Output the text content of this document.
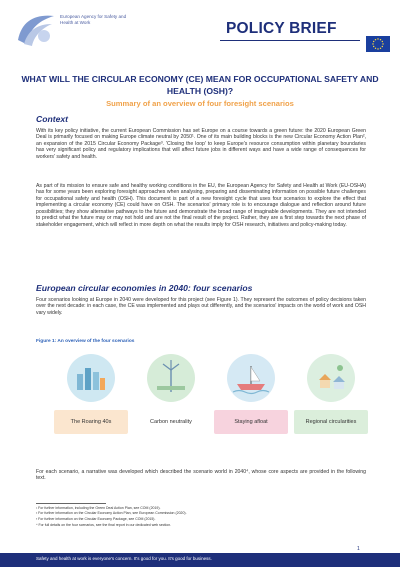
European Agency for Safety and Health at Work	POLICY BRIEF
WHAT WILL THE CIRCULAR ECONOMY (CE) MEAN FOR OCCUPATIONAL SAFETY AND HEALTH (OSH)?
Summary of an overview of four foresight scenarios
Context
With its key policy initiative, the current European Commission has set Europe on a course towards a green future: the 2020 European Green Deal is primarily focused on making Europe climate neutral by 2050¹. One of its main building blocks is the new Circular Economy Action Plan², an expansion of the 2015 Circular Economy Package³. 'Closing the loop' to keep Europe's resource consumption within planetary boundaries has very significant policy and regulatory implications that will affect future jobs in different ways and have a wide range of consequences for workers' safety and health.
As part of its mission to ensure safe and healthy working conditions in the EU, the European Agency for Safety and Health at Work (EU-OSHA) has for some years been exploring foresight approaches when analysing, preparing and disseminating information on possible future challenges for occupational safety and health (OSH). This document is part of a new foresight cycle that uses four scenarios to explore the effect that implementing a circular economy (CE) could have on OSH. The scenarios' primary role is to encourage dialogue and reflection around future possibilities; they show alternative pathways to the future and demonstrate the broad range of imaginable developments. They are not intended to predict what the future may or may not hold and are not the final result of the project. Rather, they are a first step towards the next phase of stakeholder engagement, which will reflect in more depth on what the results imply for OSH research, initiatives and policy-making today.
European circular economies in 2040: four scenarios
Four scenarios looking at Europe in 2040 were developed for this project (see Figure 1). They represent the outcomes of policy decisions taken over the next decade: in each case, the CE was implemented and plays out differently, and the scenarios' impacts on the world of work and OSH vary widely.
Figure 1: An overview of the four scenarios
The Roaring 40s	Carbon neutrality	Staying afloat	Regional circularities
For each scenario, a narrative was developed which described the scenario world in 2040⁴, whose core aspects are provided in the following text.
¹ For further information, including the Green Deal Action Plan, see COM (2019).
² For further information on the Circular Economy Action Plan, see European Commission (2020).
³ For further information on the Circular Economy Package, see COM (2015).
⁴ For full details on the four scenarios, see the final report in our dedicated web section.
1
Safety and health at work is everyone's concern. It's good for you. It's good for business.
